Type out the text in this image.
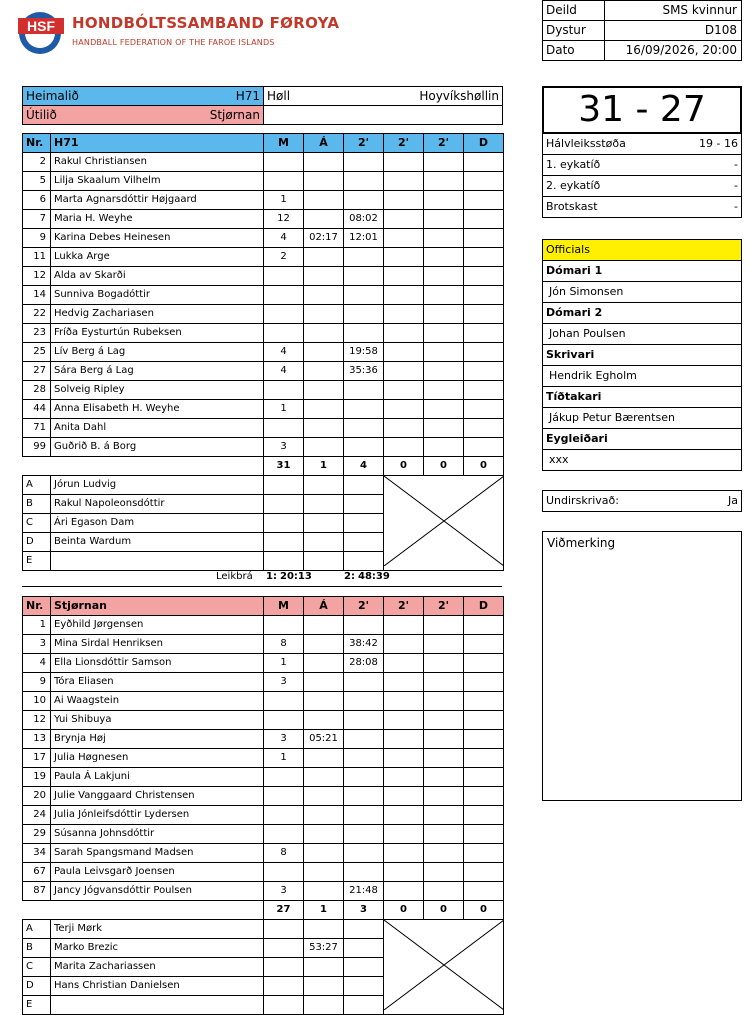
HSF HONDBÓLTSSAMBAND FØROYA
HANDBALL FEDERATION OF THE FAROE ISLANDS
Deild	SMS kvinnur
Dystur	D108
Dato	16/09/2026, 20:00
Heimalið H71	Høll Hoyvíkshøllin

Útilið Stjørnan	

Nr.	H71	M	Á	2'	2'	2'	D
2	Rakul Christiansen						
5	Lilja Skaalum Vilhelm						
6	Marta Agnarsdóttir Højgaard	1					
7	Maria H. Weyhe	12		08:02			
9	Karina Debes Heinesen	4	02:17	12:01			
11	Lukka Arge	2					
12	Alda av Skarði						
14	Sunniva Bogadóttir						
22	Hedvig Zachariasen						
23	Fríða Eysturtún Rubeksen						
25	Lív Berg á Lag	4		19:58			
27	Sára Berg á Lag	4		35:36			
28	Solveig Ripley						
44	Anna Elisabeth H. Weyhe	1					
71	Anita Dahl						
99	Guðrið B. á Borg	3					
		31	1	4	0	0	0
A	Jórun Ludvig				

B	Rakul Napoleonsdóttir						
C	Ári Egason Dam						
D	Beinta Wardum						
E							
Leikbrá 1: 20:13	2: 48:39
Nr.	Stjørnan	M	Á	2'	2'	2'	D
1	Eyðhild Jørgensen						
3	Mina Sirdal Henriksen	8		38:42			
4	Ella Lionsdóttir Samson	1		28:08			
9	Tóra Eliasen	3					
10	Ai Waagstein						
12	Yui Shibuya						
13	Brynja Høj	3	05:21				
17	Julia Høgnesen	1					
19	Paula Á Lakjuni						
20	Julie Vanggaard Christensen						
24	Julia Jónleifsdóttir Lydersen						
29	Súsanna Johnsdóttir						
34	Sarah Spangsmand Madsen	8					
67	Paula Leivsgarð Joensen						
87	Jancy Jógvansdóttir Poulsen	3		21:48			
		27	1	3	0	0	0
A	Terji Mørk				

B	Marko Brezic		53:27				
C	Marita Zachariassen						
D	Hans Christian Danielsen						
E							
31 - 27
Hálvleiksstøða	19 - 16

1. eykatíð	-

2. eykatíð	-

Brotskast	-
Officials
Dómari 1
Jón Simonsen
Dómari 2
Johan Poulsen
Skrivari
Hendrik Egholm
Tíðtakari
Jákup Petur Bærentsen
Eygleiðari
xxx
Undirskrivað:	Ja
Viðmerking
